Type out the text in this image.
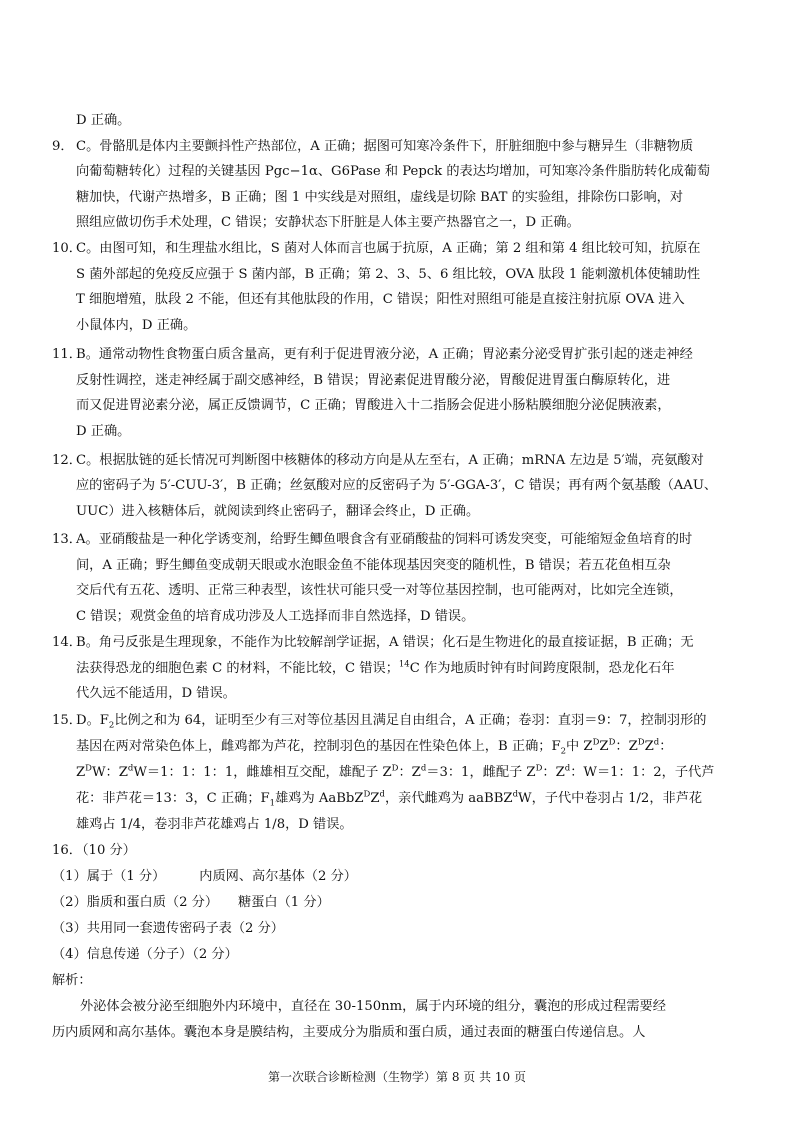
D 正确。
9． C。骨骼肌是体内主要颤抖性产热部位，A 正确；据图可知寒冷条件下，肝脏细胞中参与糖异生（非糖物质
向葡萄糖转化）过程的关键基因 Pgc−1α、G6Pase 和 Pepck 的表达均增加，可知寒冷条件脂肪转化成葡萄
糖加快，代谢产热增多，B 正确；图 1 中实线是对照组，虚线是切除 BAT 的实验组，排除伤口影响，对
照组应做切伤手术处理，C 错误；安静状态下肝脏是人体主要产热器官之一，D 正确。
10．
C。由图可知，和生理盐水组比，S 菌对人体而言也属于抗原，A 正确；第 2 组和第 4 组比较可知，抗原在
S 菌外部起的免疫反应强于 S 菌内部，B 正确；第 2、3、5、6 组比较，OVA 肽段 1 能刺激机体使辅助性
T 细胞增殖，肽段 2 不能，但还有其他肽段的作用，C 错误；阳性对照组可能是直接注射抗原 OVA 进入
小鼠体内，D 正确。
11．
B。通常动物性食物蛋白质含量高，更有利于促进胃液分泌，A 正确；胃泌素分泌受胃扩张引起的迷走神经
反射性调控，迷走神经属于副交感神经，B 错误；胃泌素促进胃酸分泌，胃酸促进胃蛋白酶原转化，进
而又促进胃泌素分泌，属正反馈调节，C 正确；胃酸进入十二指肠会促进小肠粘膜细胞分泌促胰液素，
D 正确。
12．
C。根据肽链的延长情况可判断图中核糖体的移动方向是从左至右，A 正确；mRNA 左边是 5′端，亮氨酸对
应的密码子为 5′-CUU-3′，B 正确；丝氨酸对应的反密码子为 5′-GGA-3′，C 错误；再有两个氨基酸（AAU、
UUC）进入核糖体后，就阅读到终止密码子，翻译会终止，D 正确。
13．
A。亚硝酸盐是一种化学诱变剂，给野生鲫鱼喂食含有亚硝酸盐的饲料可诱发突变，可能缩短金鱼培育的时
间，A 正确；野生鲫鱼变成朝天眼或水泡眼金鱼不能体现基因突变的随机性，B 错误；若五花鱼相互杂
交后代有五花、透明、正常三种表型，该性状可能只受一对等位基因控制，也可能两对，比如完全连锁，
C 错误；观赏金鱼的培育成功涉及人工选择而非自然选择，D 错误。
14．
B。角弓反张是生理现象，不能作为比较解剖学证据，A 错误；化石是生物进化的最直接证据，B 正确；无
法获得恐龙的细胞色素 C 的材料，不能比较，C 错误；$^{14}$C 作为地质时钟有时间跨度限制，恐龙化石年
代久远不能适用，D 错误。
15．
D。$F_2$比例之和为 64，证明至少有三对等位基因且满足自由组合，A 正确；卷羽：直羽＝9：7，控制羽形的
基因在两对常染色体上，雌鸡都为芦花，控制羽色的基因在性染色体上，B 正确；$F_2$中 $Z^DZ^D$：$Z^DZ^d$：
$Z^DW$：$Z^dW=1$：1：1：1，雌雄相互交配，雄配子 $Z^D$：$Z^d=3$：1，雌配子 $Z^D$：$Z^d$：W＝1：1：2，子代芦
花：非芦花＝13：3，C 正确；$F_1$雄鸡为 $AaBbZ^DZ^d$，亲代雌鸡为 aaBBZ$^d$W，子代中卷羽占 1/2，非芦花
雄鸡占 1/4，卷羽非芦花雄鸡占 1/8，D 错误。
16．（10 分）
（1）属于（1 分）	内质网、高尔基体（2 分）
（2）脂质和蛋白质（2 分） 糖蛋白（1 分）
（3）共用同一套遗传密码子表（2 分）
（4）信息传递（分子）（2 分）
解析：
外泌体会被分泌至细胞外内环境中，直径在 30-150nm，属于内环境的组分，囊泡的形成过程需要经
历内质网和高尔基体。囊泡本身是膜结构，主要成分为脂质和蛋白质，通过表面的糖蛋白传递信息。人
第一次联合诊断检测（生物学）第 8 页 共 10 页
